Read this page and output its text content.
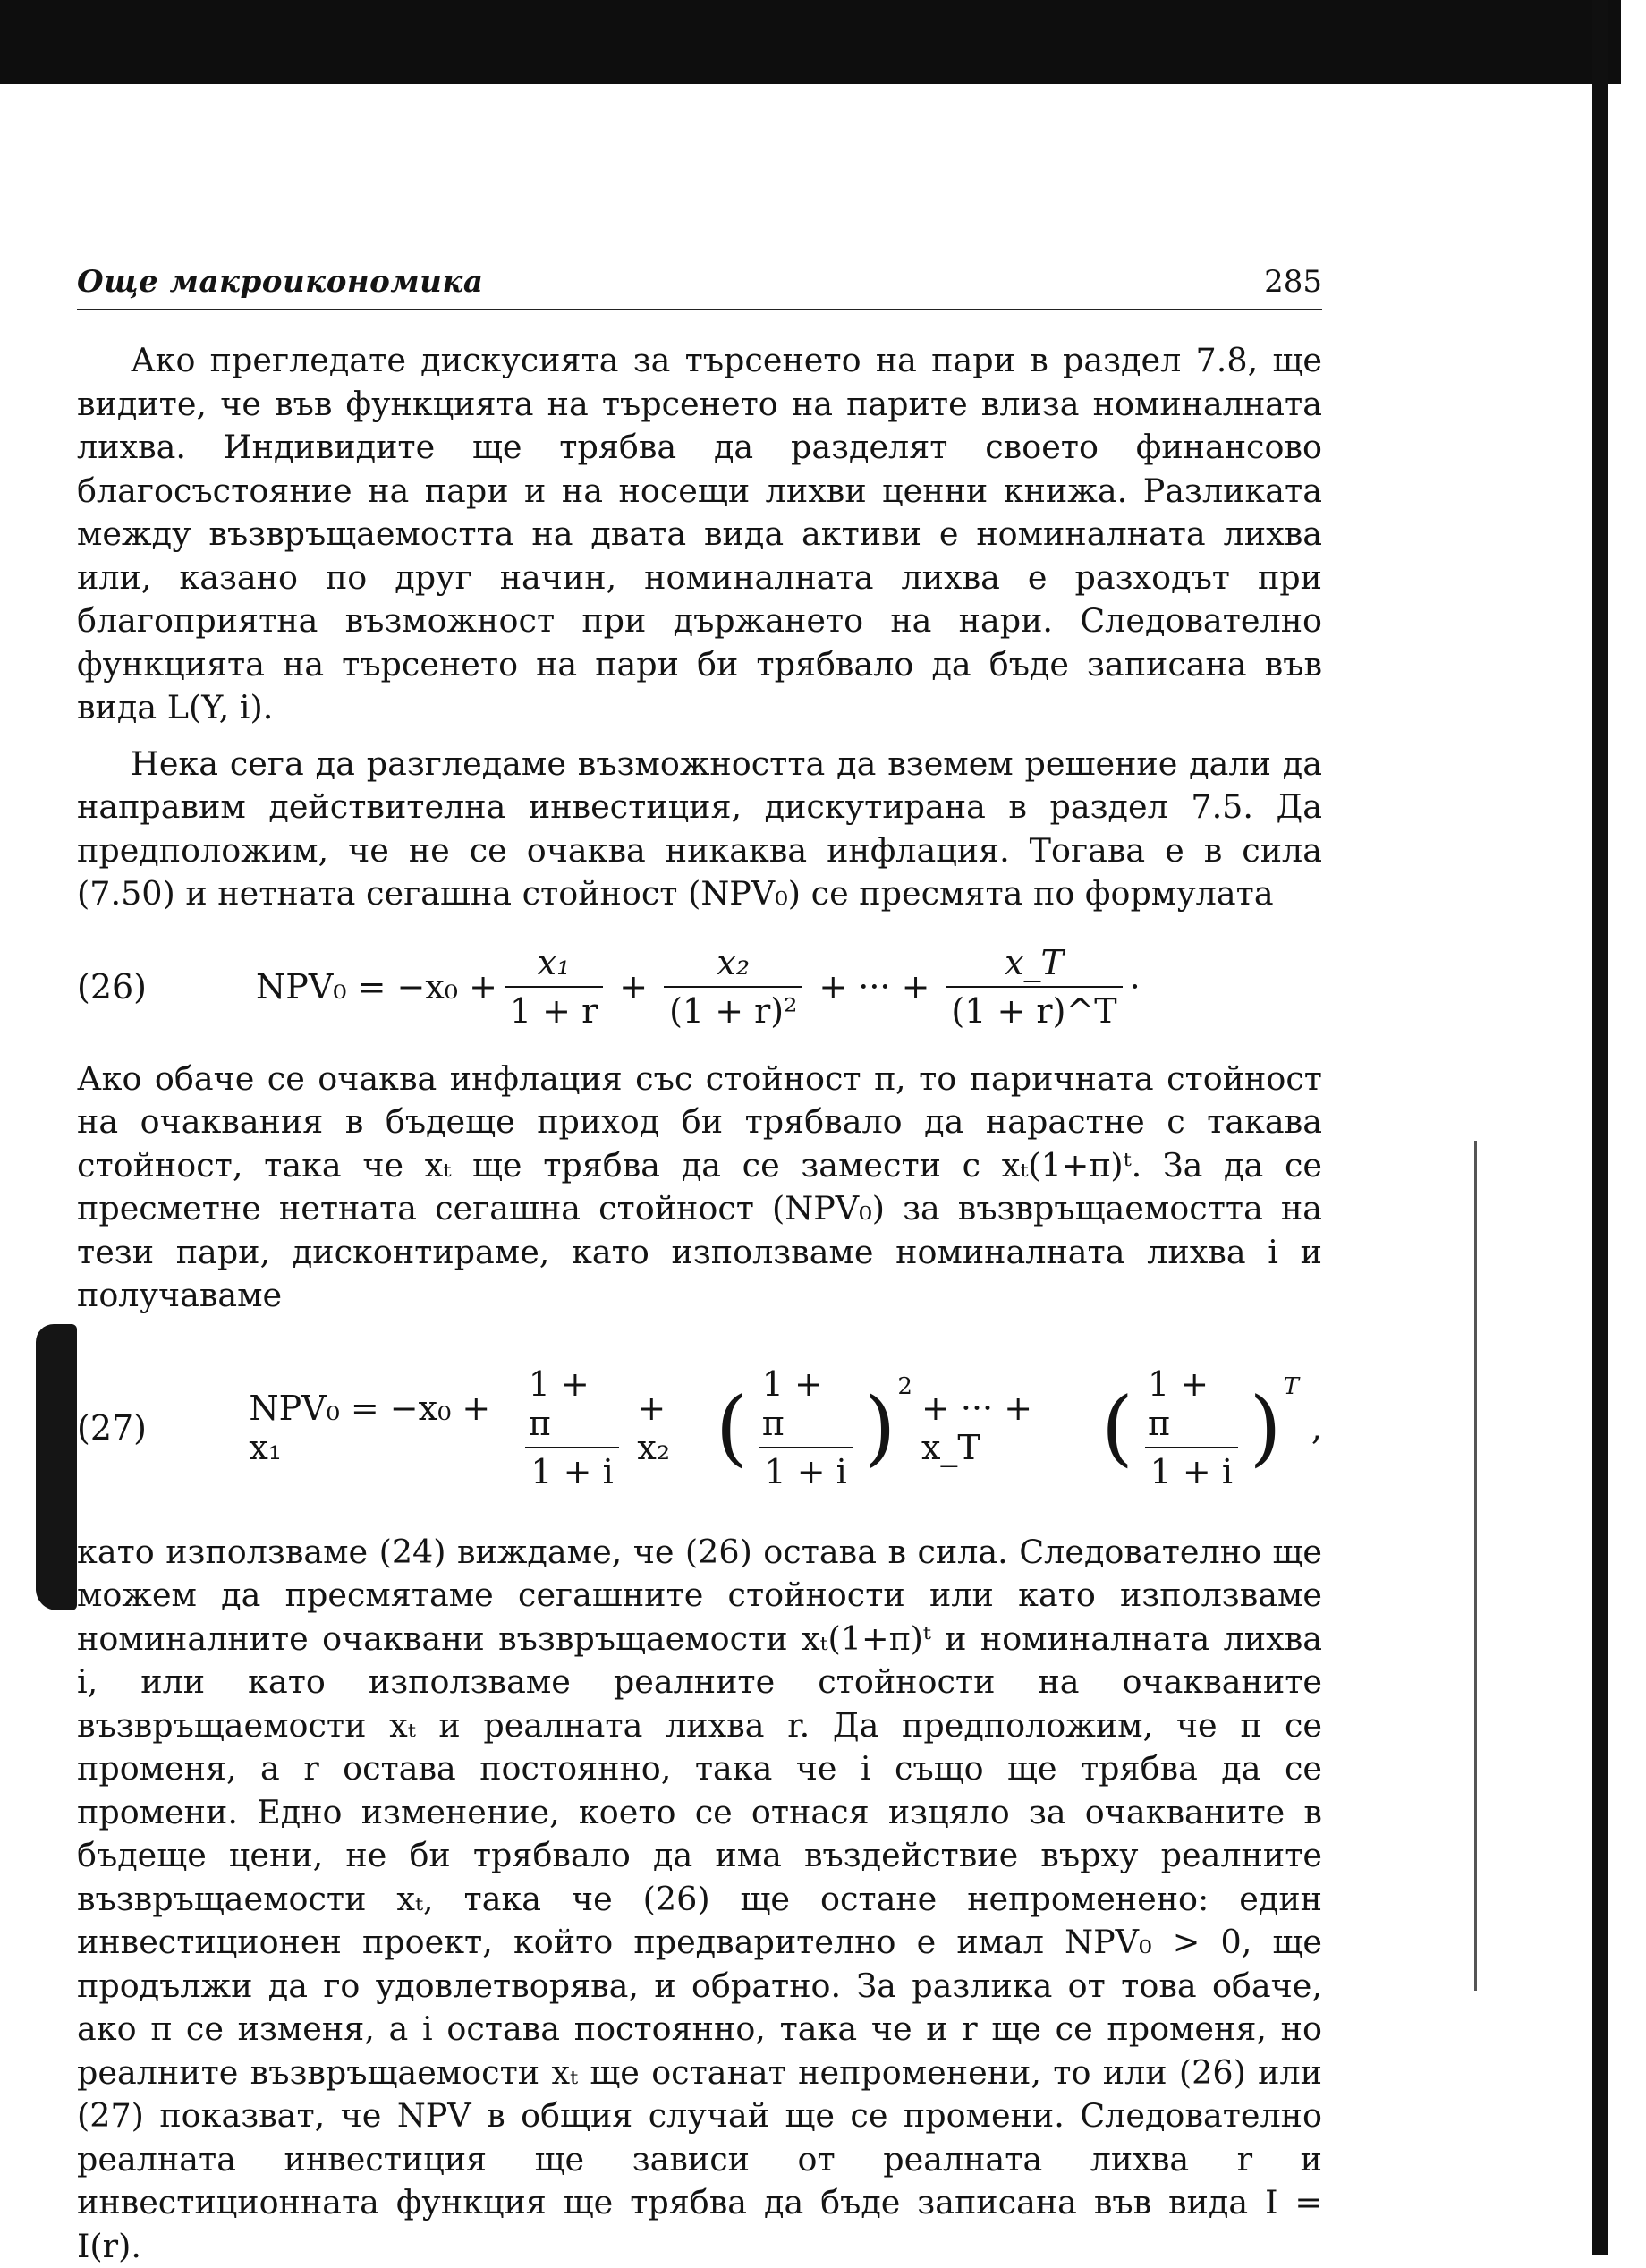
Още макроикономика	285

Ако прегледате дискусията за търсенето на пари в раздел 7.8, ще видите, че във функцията на търсенето на парите влиза номиналната лихва. Индивидите ще трябва да разделят своето финансово благосъстояние на пари и на носещи лихви ценни книжа. Разликата между възвръщаемостта на двата вида активи е номиналната лихва или, казано по друг начин, номиналната лихва е разходът при благоприятна възможност при държането на нари. Следователно функцията на търсенето на пари би трябвало да бъде записана във вида L(Y, i).

Нека сега да разгледаме възможността да вземем решение дали да направим действителна инвестиция, дискутирана в раздел 7.5. Да предположим, че не се очаква никаква инфлация. Тогава е в сила (7.50) и нетната сегашна стойност (NPV₀) се пресмята по формулата

(26)	$NPV_0 = -x_0 + \frac{\text{x₁}}{1 + r} + \frac{\text{x₂}}{\text{(1 + r)²}}$ + ··· + $\frac{x\_T}{(1 + r)\^{}T}$ ·

Ако обаче се очаква инфлация със стойност π, то паричната стойност на очаквания в бъдеще приход би трябвало да нарастне с такава стойност, така че xₜ ще трябва да се замести с xₜ(1+π)ᵗ. За да се пресметне нетната сегашна стойност (NPV₀) за възвръщаемостта на тези пари, дисконтираме, като използваме номиналната лихва i и получаваме

(27)	NPV₀ = −x₀ + x₁	$\frac{1 + \pi}{1 + i} + x_2$ ( $\frac{1 + \pi}{1 + i}$ ) 2
+ ··· + x_T	( $\frac{1 + \pi}{1 + i}$ ) T
,

като използваме (24) виждаме, че (26) остава в сила. Следователно ще можем да пресмятаме сегашните стойности или като използваме номиналните очаквани възвръщаемости xₜ(1+π)ᵗ и номиналната лихва i, или като използваме реалните стойности на очакваните възвръщаемости xₜ и реалната лихва r. Да предположим, че π се променя, а r остава постоянно, така че i също ще трябва да се промени. Едно изменение, което се отнася изцяло за очакваните в бъдеще цени, не би трябвало да има въздействие върху реалните възвръщаемости xₜ, така че (26) ще остане непроменено: един инвестиционен проект, който предварително е имал NPV₀ > 0, ще продължи да го удовлетворява, и обратно. За разлика от това обаче, ако π се изменя, а i остава постоянно, така че и r ще се променя, но реалните възвръщаемости xₜ ще останат непроменени, то или (26) или (27) показват, че NPV в общия случай ще се промени. Следователно реалната инвестиция ще зависи от реалната лихва r и инвестиционната функция ще трябва да бъде записана във вида I = I(r).
